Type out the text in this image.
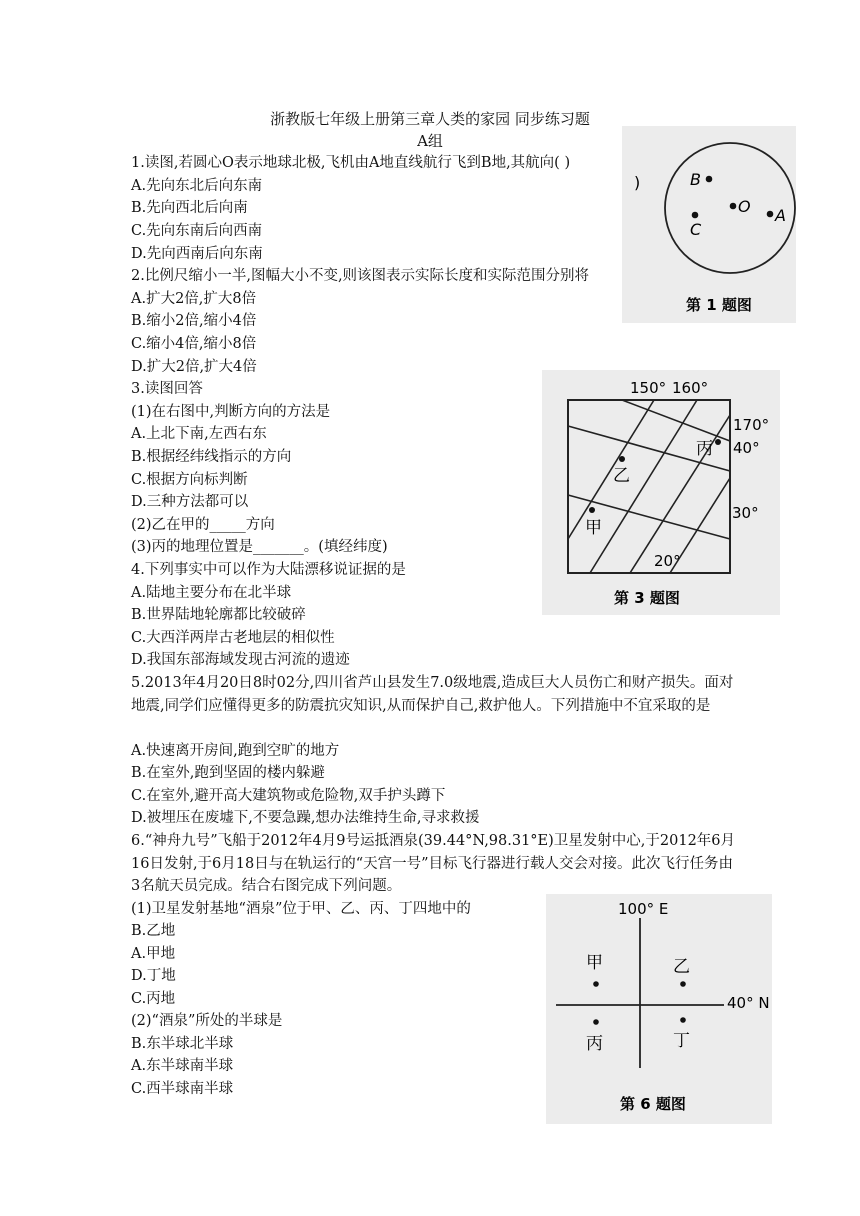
浙教版七年级上册第三章人类的家园 同步练习题
A组
1.读图,若圆心O表示地球北极,飞机由A地直线航行飞到B地,其航向( )
A.先向东北后向东南
B.先向西北后向南
C.先向东南后向西南
D.先向西南后向东南
2.比例尺缩小一半,图幅大小不变,则该图表示实际长度和实际范围分别将
A.扩大2倍,扩大8倍
B.缩小2倍,缩小4倍
C.缩小4倍,缩小8倍
D.扩大2倍,扩大4倍
3.读图回答
(1)在右图中,判断方向的方法是
A.上北下南,左西右东
B.根据经纬线指示的方向
C.根据方向标判断
D.三种方法都可以
(2)乙在甲的_____方向
(3)丙的地理位置是_______。(填经纬度)
4.下列事实中可以作为大陆漂移说证据的是
A.陆地主要分布在北半球
B.世界陆地轮廓都比较破碎
C.大西洋两岸古老地层的相似性
D.我国东部海域发现古河流的遗迹
5.2013年4月20日8时02分,四川省芦山县发生7.0级地震,造成巨大人员伤亡和财产损失。面对地震,同学们应懂得更多的防震抗灾知识,从而保护自己,救护他人。下列措施中不宜采取的是
A.快速离开房间,跑到空旷的地方
B.在室外,跑到坚固的楼内躲避
C.在室外,避开高大建筑物或危险物,双手护头蹲下
D.被埋压在废墟下,不要急躁,想办法维持生命,寻求救援
6.“神舟九号”飞船于2012年4月9号运抵酒泉(39.44°N,98.31°E)卫星发射中心,于2012年6月16日发射,于6月18日与在轨运行的“天宫一号”目标飞行器进行载人交会对接。此次飞行任务由3名航天员完成。结合右图完成下列问题。
(1)卫星发射基地“酒泉”位于甲、乙、丙、丁四地中的
B.乙地
A.甲地
D.丁地
C.丙地
(2)“酒泉”所处的半球是
B.东半球北半球
A.东半球南半球
C.西半球南半球
B
O
C
A
)
第 1 题图
150° 160°
170°
40°
30°
20°
乙
甲
丙
第 3 题图
100° E
40° N
甲	乙
丙	丁
第 6 题图
